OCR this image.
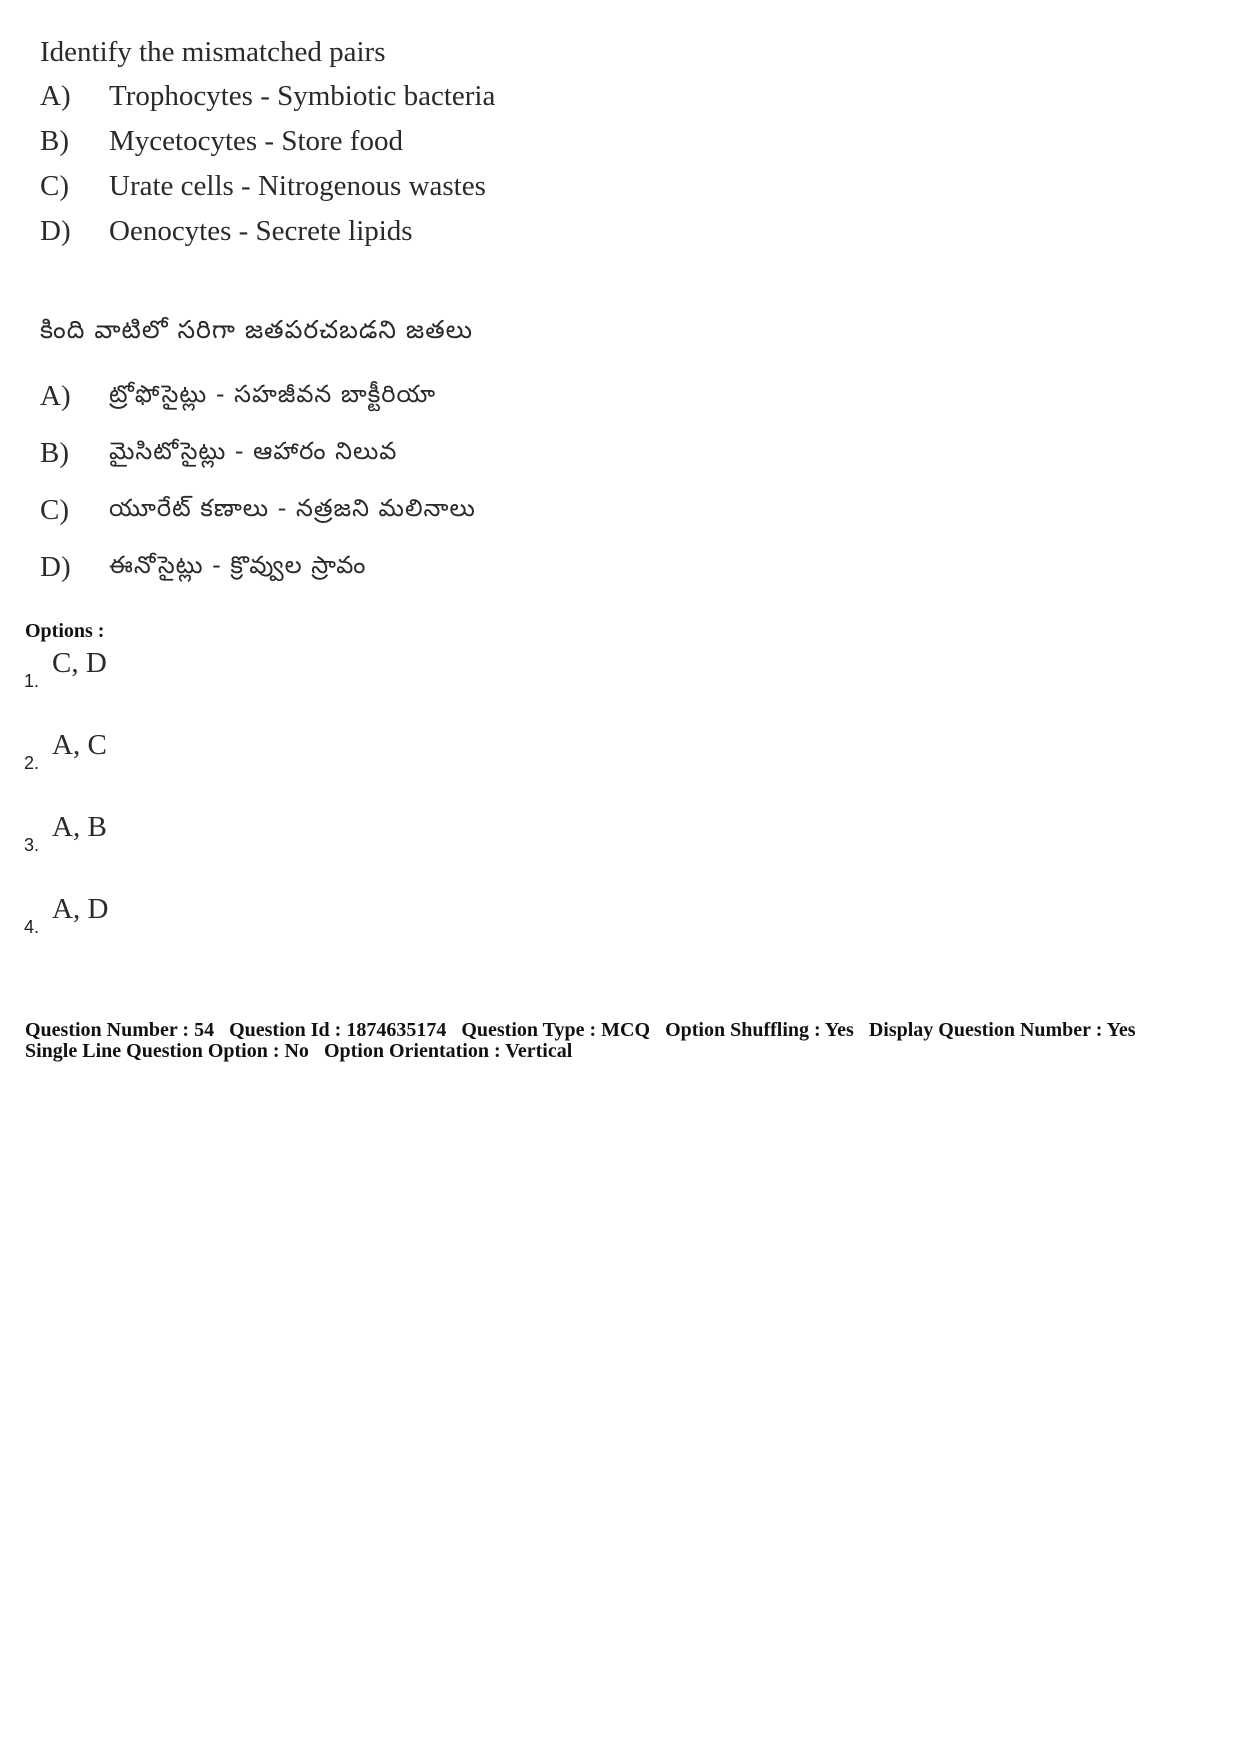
Identify the mismatched pairs

A)	Trophocytes - Symbiotic bacteria
B)	Mycetocytes - Store food
C)	Urate cells - Nitrogenous wastes
D)	Oenocytes - Secrete lipids

కింది వాటిలో సరిగా జతపరచబడని జతలు

A)	ట్రోఫోసైట్లు - సహజీవన బాక్టీరియా
B)	మైసిటోసైట్లు - ఆహారం నిలువ
C)	యూరేట్ కణాలు - నత్రజని మలినాలు
D)	ఈనోసైట్లు - క్రొవ్వుల స్రావం

Options :

1.
C, D
2.
A, C
3.
A, B
4.
A, D

Question Number : 54 Question Id : 1874635174 Question Type : MCQ Option Shuffling : Yes Display Question Number : Yes
Single Line Question Option : No Option Orientation : Vertical
